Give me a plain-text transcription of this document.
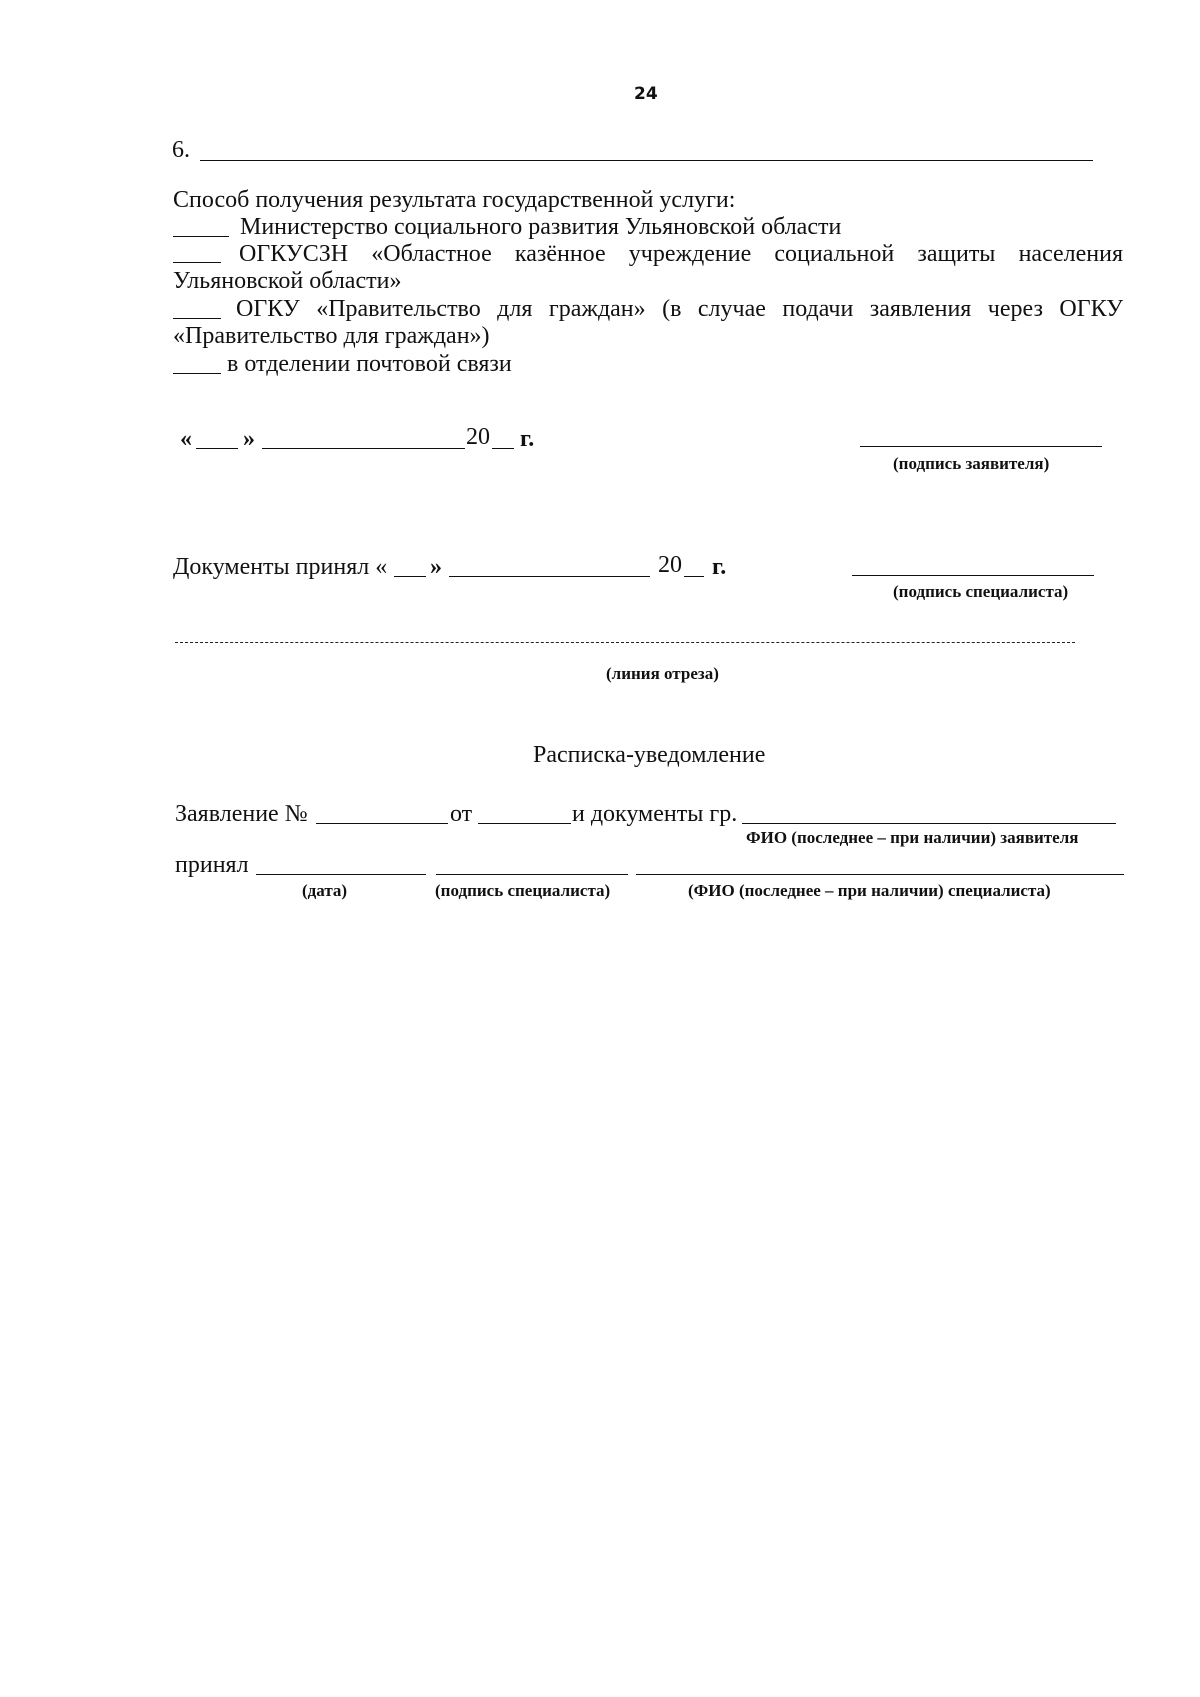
24
6.
Способ получения результата государственной услуги:
Министерство социального развития Ульяновской области
ОГКУСЗН «Областное казённое учреждение социальной защиты населения
Ульяновской области»
ОГКУ «Правительство для граждан» (в случае подачи заявления через ОГКУ
«Правительство для граждан»)
в отделении почтовой связи
« »	20 г.
(подпись заявителя)
Документы принял « »	20 г.
(подпись специалиста)
(линия отреза)
Расписка-уведомление
Заявление №	от	и документы гр.
ФИО (последнее – при наличии) заявителя
принял
(дата)	(подпись специалиста)	(ФИО (последнее – при наличии) специалиста)
